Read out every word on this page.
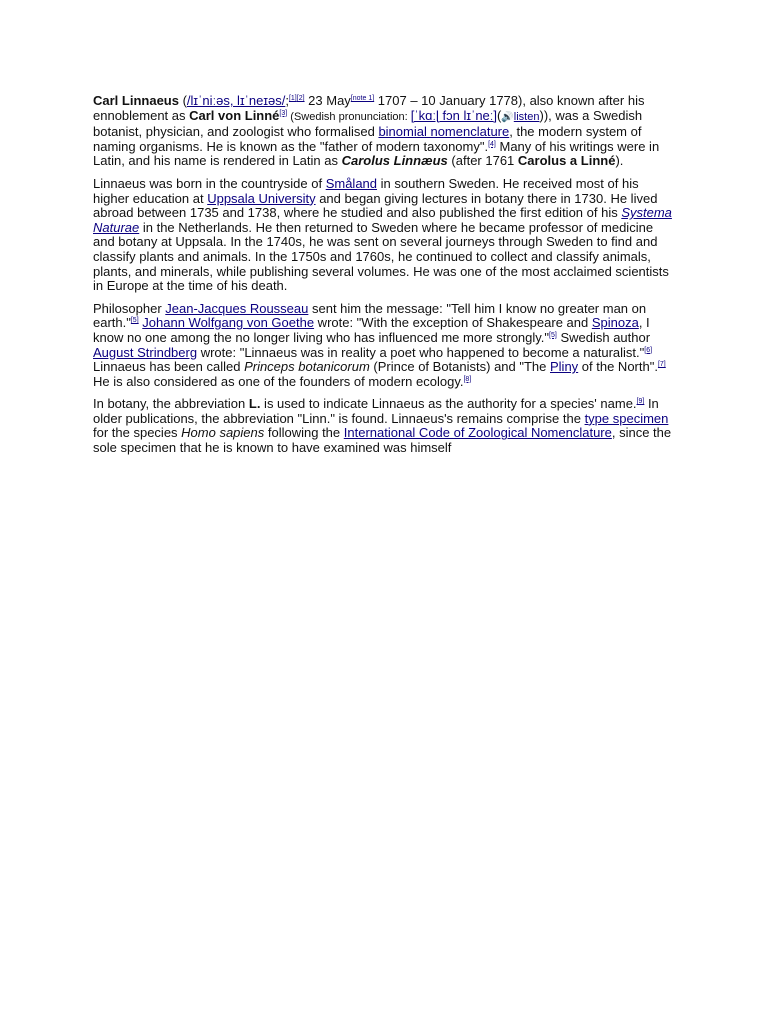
Carl Linnaeus (/lɪˈniːəs, lɪˈneɪəs/;[1][2] 23 May[note 1] 1707 – 10 January 1778), also known after his ennoblement as Carl von Linné[3] (Swedish pronunciation: [ˈkɑːɭ fɔn lɪˈneː](🔊listen)), was a Swedish botanist, physician, and zoologist who formalised binomial nomenclature, the modern system of naming organisms. He is known as the "father of modern taxonomy".[4] Many of his writings were in Latin, and his name is rendered in Latin as Carolus Linnæus (after 1761 Carolus a Linné).

Linnaeus was born in the countryside of Småland in southern Sweden. He received most of his higher education at Uppsala University and began giving lectures in botany there in 1730. He lived abroad between 1735 and 1738, where he studied and also published the first edition of his Systema Naturae in the Netherlands. He then returned to Sweden where he became professor of medicine and botany at Uppsala. In the 1740s, he was sent on several journeys through Sweden to find and classify plants and animals. In the 1750s and 1760s, he continued to collect and classify animals, plants, and minerals, while publishing several volumes. He was one of the most acclaimed scientists in Europe at the time of his death.

Philosopher Jean-Jacques Rousseau sent him the message: "Tell him I know no greater man on earth."[5] Johann Wolfgang von Goethe wrote: "With the exception of Shakespeare and Spinoza, I know no one among the no longer living who has influenced me more strongly."[5] Swedish author August Strindberg wrote: "Linnaeus was in reality a poet who happened to become a naturalist."[6] Linnaeus has been called Princeps botanicorum (Prince of Botanists) and "The Pliny of the North".[7] He is also considered as one of the founders of modern ecology.[8]

In botany, the abbreviation L. is used to indicate Linnaeus as the authority for a species' name.[9] In older publications, the abbreviation "Linn." is found. Linnaeus's remains comprise the type specimen for the species Homo sapiens following the International Code of Zoological Nomenclature, since the sole specimen that he is known to have examined was himself
